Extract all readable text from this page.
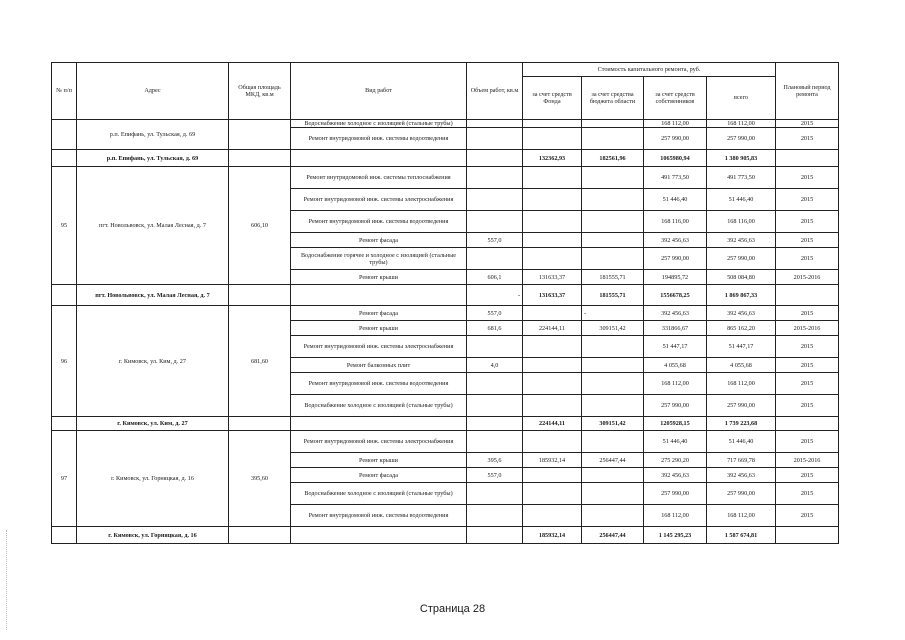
№ п/п	Адрес	Общая площадь МКД, кв.м	Вид работ	Объем работ, кв.м	Стоимость капитального ремонта, руб.				Плановый период ремонта
					за счет средств Фонда	за счет средства бюджета области	за счет средств собственников	всего	
	р.п. Епифань, ул. Тульская, д. 69		Водоснабжение холодное с изоляцией (стальные трубы)				168 112,00	168 112,00	2015
			Ремонт внутридомовой инж. системы водоотведения				257 990,00	257 990,00	2015
	р.п. Епифань, ул. Тульская, д. 69				132362,93	182561,96	1065980,94	1 380 905,83	
95	пгт. Новольвовск, ул. Малая Лесная, д. 7	606,10	Ремонт внутридомовой инж. системы теплоснабжения				491 773,50	491 773,50	2015
			Ремонт внутридомовой инж. системы электроснабжения				51 446,40	51 446,40	2015
			Ремонт внутридомовой инж. системы водоотведения				168 116,00	168 116,00	2015
			Ремонт фасада	557,0			392 456,63	392 456,63	2015
			Водоснабжение горячее и холодное с изоляцией (стальные трубы)				257 990,00	257 990,00	2015
			Ремонт крыши	606,1	131633,37	181555,71	194895,72	508 084,80	2015-2016
	пгт. Новольвовск, ул. Малая Лесная, д. 7			-	131633,37	181555,71	1556678,25	1 869 867,33	
96	г. Кимовск, ул. Ким, д. 27	681,60	Ремонт фасада	557,0		-	392 456,63	392 456,63	2015
			Ремонт крыши	681,6	224144,11	309151,42	331866,67	865 162,20	2015-2016
			Ремонт внутридомовой инж. системы электроснабжения				51 447,17	51 447,17	2015
			Ремонт балконных плит	4,0			4 055,68	4 055,68	2015
			Ремонт внутридомовой инж. системы водоотведения				168 112,00	168 112,00	2015
			Водоснабжение холодное с изоляцией (стальные трубы)				257 990,00	257 990,00	2015
	г. Кимовск, ул. Ким, д. 27				224144,11	309151,42	1205928,15	1 739 223,68	
97	г. Кимовск, ул. Горняцкая, д. 16	395,60	Ремонт внутридомовой инж. системы электроснабжения				51 446,40	51 446,40	2015
			Ремонт крыши	395,6	185932,14	256447,44	275 290,20	717 669,78	2015-2016
			Ремонт фасада	557,0			392 456,63	392 456,63	2015
			Водоснабжение холодное с изоляцией (стальные трубы)				257 990,00	257 990,00	2015
			Ремонт внутридомовой инж. системы водоотведения				168 112,00	168 112,00	2015
	г. Кимовск, ул. Горняцкая, д. 16				185932,14	256447,44	1 145 295,23	1 587 674,81	
Страница 28
